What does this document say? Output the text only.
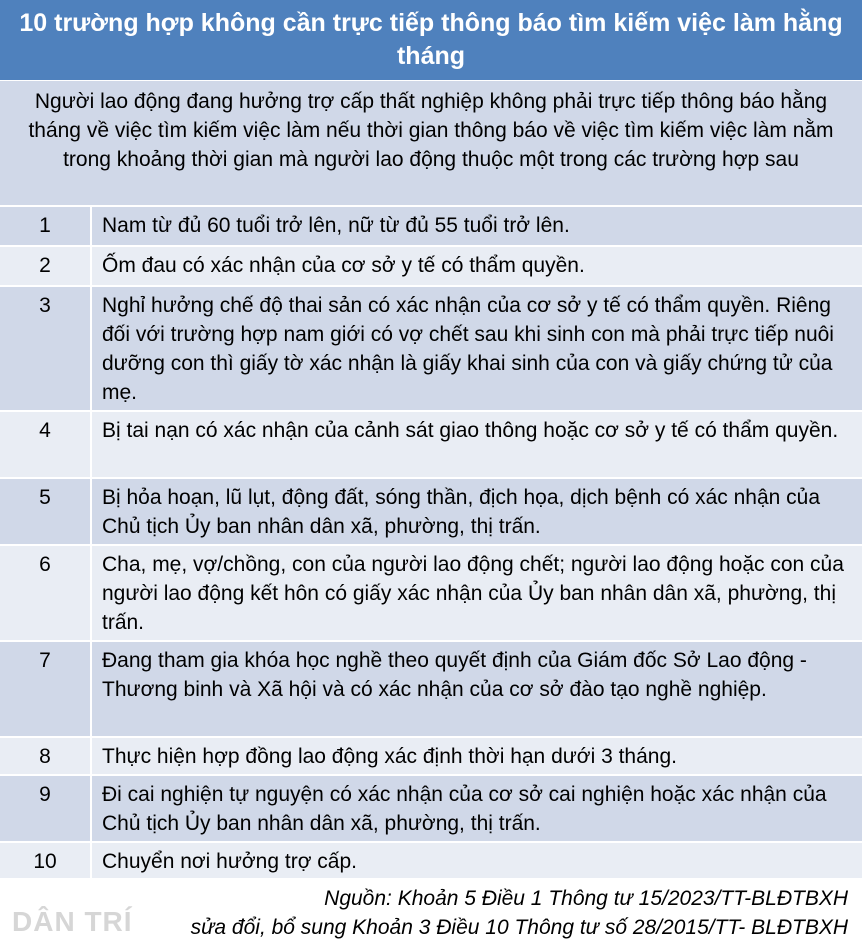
10 trường hợp không cần trực tiếp thông báo tìm kiếm việc làm hằng tháng
Người lao động đang hưởng trợ cấp thất nghiệp không phải trực tiếp thông báo hằng tháng về việc tìm kiếm việc làm nếu thời gian thông báo về việc tìm kiếm việc làm nằm trong khoảng thời gian mà người lao động thuộc một trong các trường hợp sau
1	Nam từ đủ 60 tuổi trở lên, nữ từ đủ 55 tuổi trở lên.
2	Ốm đau có xác nhận của cơ sở y tế có thẩm quyền.
3	Nghỉ hưởng chế độ thai sản có xác nhận của cơ sở y tế có thẩm quyền. Riêng đối với trường hợp nam giới có vợ chết sau khi sinh con mà phải trực tiếp nuôi dưỡng con thì giấy tờ xác nhận là giấy khai sinh của con và giấy chứng tử của mẹ.
4	Bị tai nạn có xác nhận của cảnh sát giao thông hoặc cơ sở y tế có thẩm quyền.
5	Bị hỏa hoạn, lũ lụt, động đất, sóng thần, địch họa, dịch bệnh có xác nhận của Chủ tịch Ủy ban nhân dân xã, phường, thị trấn.
6	Cha, mẹ, vợ/chồng, con của người lao động chết; người lao động hoặc con của người lao động kết hôn có giấy xác nhận của Ủy ban nhân dân xã, phường, thị trấn.
7	Đang tham gia khóa học nghề theo quyết định của Giám đốc Sở Lao động - Thương binh và Xã hội và có xác nhận của cơ sở đào tạo nghề nghiệp.
8	Thực hiện hợp đồng lao động xác định thời hạn dưới 3 tháng.
9	Đi cai nghiện tự nguyện có xác nhận của cơ sở cai nghiện hoặc xác nhận của Chủ tịch Ủy ban nhân dân xã, phường, thị trấn.
10	Chuyển nơi hưởng trợ cấp.
Nguồn: Khoản 5 Điều 1 Thông tư 15/2023/TT-BLĐTBXH
sửa đổi, bổ sung Khoản 3 Điều 10 Thông tư số 28/2015/TT- BLĐTBXH
DÂN TRÍ
